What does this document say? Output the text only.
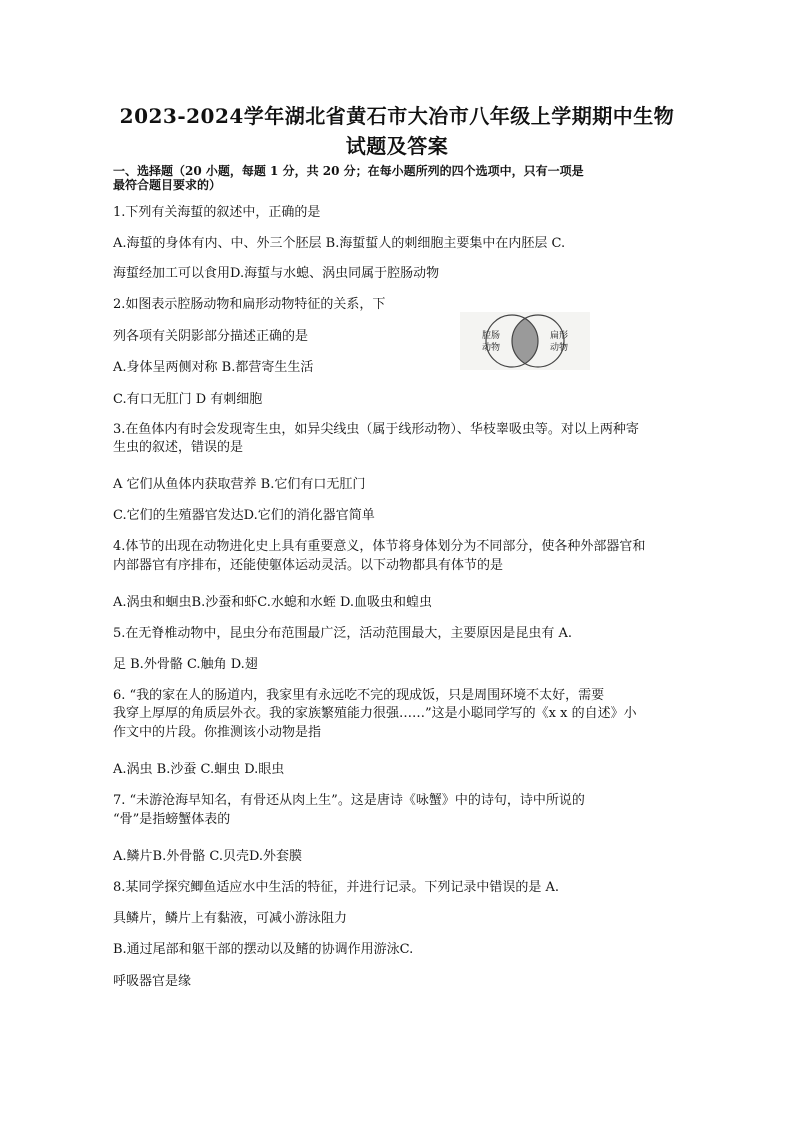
2023-2024学年湖北省黄石市大冶市八年级上学期期中生物
试题及答案
一、选择题（20 小题，每题 1 分，共 20 分；在每小题所列的四个选项中，只有一项是
最符合题目要求的）
1.下列有关海蜇的叙述中，正确的是
A.海蜇的身体有内、中、外三个胚层 B.海蜇蜇人的刺细胞主要集中在内胚层 C.
海蜇经加工可以食用D.海蜇与水螅、涡虫同属于腔肠动物
2.如图表示腔肠动物和扁形动物特征的关系，下
列各项有关阴影部分描述正确的是
A.身体呈两侧对称 B.都营寄生生活
C.有口无肛门 D 有刺细胞
腔肠
动物
扁形
动物
3.在鱼体内有时会发现寄生虫，如异尖线虫（属于线形动物）、华枝睾吸虫等。对以上两种寄
生虫的叙述，错误的是
A 它们从鱼体内获取营养 B.它们有口无肛门
C.它们的生殖器官发达D.它们的消化器官简单
4.体节的出现在动物进化史上具有重要意义，体节将身体划分为不同部分，使各种外部器官和
内部器官有序排布，还能使躯体运动灵活。以下动物都具有体节的是
A.涡虫和蛔虫B.沙蚕和虾C.水螅和水蛭 D.血吸虫和蝗虫
5.在无脊椎动物中，昆虫分布范围最广泛，活动范围最大，主要原因是昆虫有 A.
足 B.外骨骼 C.触角 D.翅
6. “我的家在人的肠道内，我家里有永远吃不完的现成饭，只是周围环境不太好，需要
我穿上厚厚的角质层外衣。我的家族繁殖能力很强……”这是小聪同学写的《x x 的自述》小
作文中的片段。你推测该小动物是指
A.涡虫 B.沙蚕 C.蛔虫 D.眼虫
7. “未游沧海早知名，有骨还从肉上生”。这是唐诗《咏蟹》中的诗句，诗中所说的
“骨”是指螃蟹体表的
A.鳞片B.外骨骼 C.贝壳D.外套膜
8.某同学探究鲫鱼适应水中生活的特征，并进行记录。下列记录中错误的是 A.
具鳞片，鳞片上有黏液，可减小游泳阻力
B.通过尾部和躯干部的摆动以及鳍的协调作用游泳C.
呼吸器官是缘
